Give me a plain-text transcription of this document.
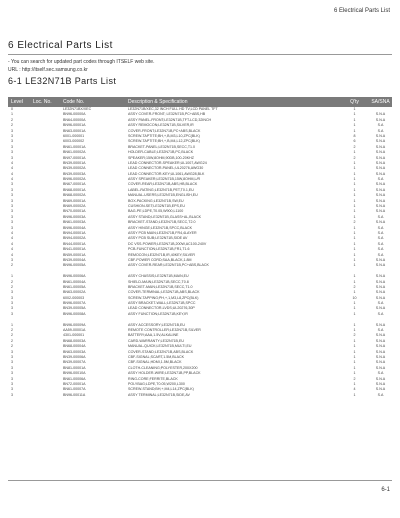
6 Electrical Parts List
6 Electrical Parts List
- You can search for updated part codes through ITSELF web site.
URL : http://itself.sec.samsung.co.kr
6-1 LE32N71B Parts List
Level	Loc. No.	Code No.	Description & Specification	Q'ty	SA/SNA
0	LE32N71BX/XEC	LE32N71B/XEC,32 INCH FULL HD TV,LCD PANEL TFT	1
1	BN96-00000A	ASSY COVER-FRONT; LE32N71B,PC+ABS,HB	1	S.N.A
2	BN64-00000A	ASSY PANEL-FRONT;LE32N71B,TFT-LCD,32INCH	1	S.N.A
2	BN96-00001A	ASSY REMOCON;LE32N71B,SILVER,IR	1	S.A
3	BN63-00001A	COVER-FRONT;LE32N71B,PC+ABS,BLACK	1	S.A
3	6001-000001	SCREW-TAPTITE;BH,+,B,M3,L10,ZPC(BLK)	8	S.N.A
3	6003-000002	SCREW-TAPTITE;BH,+,B,M4,L12,ZPC(BLK)	6	S.N.A
3	BN61-00001A	BRACKET-PANEL;LE32N71B,SECC,T1.0	2	S.N.A
3	BN61-00002A	HOLDER-CABLE;LE32N71B,PC,BLACK	1	S.N.A
3	BN97-00001A	SPEAKER;15W,8OHM,90DB,100-20KHZ	2	S.N.A
4	BN39-00001A	LEAD CONNECTOR-SPEAKER;UL1007,AWG24	1	S.N.A
4	BN39-00002A	LEAD CONNECTOR-PANEL;UL20276,AWG30	1	S.N.A
4	BN39-00003A	LEAD CONNECTOR-KEY;UL1061,AWG28,BLK	1	S.N.A
4	BN96-00002A	ASSY SPEAKER;LE32N71B,15W,8OHM,L/R	1	S.A
3	BN67-00001A	COVER-REAR;LE32N71B,ABS,HB,BLACK	1	S.N.A
3	BN68-00001A	LABEL-RATING;LE32N71B,PET,T0.1,EU	1	S.N.A
3	BN68-00002A	MANUAL-USERS;LE32N71B,ENGLISH,EU	1	S.N.A
3	BN69-00001A	BOX-PACKING;LE32N71B,SW,EU	1	S.N.A
3	BN69-00002A	CUSHION-SET;LE32N71B,EPS,EU	1	S.N.A
3	BN70-00001A	BAG-PE;LDPE,T0.05,W900,L1100	1	S.N.A
3	BN96-00003A	ASSY STAND;LE32N71B,GLASS+AL,BLACK	1	S.A
3	BN61-00003A	BRACKET-STAND;LE32N71B,SECC,T2.0	2	S.N.A
3	BN96-00004A	ASSY HINGE;LE32N71B,SPCC,BLACK	1	S.A
4	BN94-00001A	ASSY PCB MAIN;LE32N71B,FR4,4LAYER	1	S.A
4	BN94-00002A	ASSY PCB SUB;LE32N71B,SIDE AV	1	S.A
4	BN44-00001A	DC VSS-POWER;LE32N71B,200W,AC100-240V	1	S.A
4	BN41-00001A	PCB-FUNCTION;LE32N71B,FR1,T1.6	1	S.A
4	BN59-00001A	REMOCON;LE32N71B,IR,40KEY,SILVER	1	S.A
3	BN39-00004A	CBF-POWER CORD;SAA,BLACK,1.8M	1	S.N.A
2	BN96-00005A	ASSY COVER-REAR;LE32N71B,PC+ABS,BLACK	1	S.N.A
1	BN96-00006A	ASSY CHASSIS;LE32N71B,MAIN,EU	1	S.N.A
2	BN61-00004A	SHIELD-MAIN;LE32N71B,SECC,T0.8	1	S.N.A
2	BN61-00005A	BRACKET-MAIN;LE32N71B,SECC,T1.0	2	S.N.A
3	BN63-00002A	COVER-TERMINAL;LE32N71B,ABS,BLACK	1	S.N.A
3	6002-000003	SCREW-TAPPING;PH,+,1,M3,L8,ZPC(BLK)	10	S.N.A
3	BN96-00007A	ASSY BRACKET-WALL;LE32N71B,SPCC	1	S.A
3	BN39-00005A	LEAD CONNECTOR-LVDS;UL20276,30P	1	S.N.A
3	BN96-00008A	ASSY FUNCTION;LE32N71B,KEY,IR	1	S.A
1	BN96-00009A	ASSY ACCESSORY;LE32N71B,EU	1	S.N.A
2	AA59-00001A	REMOTE CONTROLLER;LE32N71B,SILVER	1	S.A
2	4301-000001	BATTERY;AAA,1.5V,ALKALINE	2	S.N.A
2	BN68-00003A	CARD-WARRANTY;LE32N71B,EU	1	S.N.A
2	BN68-00004A	MANUAL-QUICK;LE32N71B,MULTI,EU	1	S.N.A
3	BN63-00003A	COVER-STAND;LE32N71B,ABS,BLACK	1	S.N.A
3	BN39-00006A	CBF-SIGNAL;SCART,1.5M,BLACK	1	S.N.A
3	BN39-00007A	CBF-SIGNAL;HDMI,1.5M,BLACK	1	S.N.A
3	BN81-00001A	CLOTH-CLEANING;POLYESTER,200X200	1	S.N.A
3	BN96-00010A	ASSY HOLDER-WIRE;LE32N71B,PP,BLACK	1	S.A
3	BN61-00006A	RING-CORE;FERRITE,BLACK	2	S.N.A
3	BN72-00001A	POLYBAG;LDPE,T0.05,W200,L300	1	S.N.A
3	BN61-00007A	SCREW-STAND;BH,+,M4,L14,ZPC(BLK)	4	S.N.A
3	BN96-00011A	ASSY TERMINAL;LE32N71B,SIDE,AV	1	S.A
6-1
